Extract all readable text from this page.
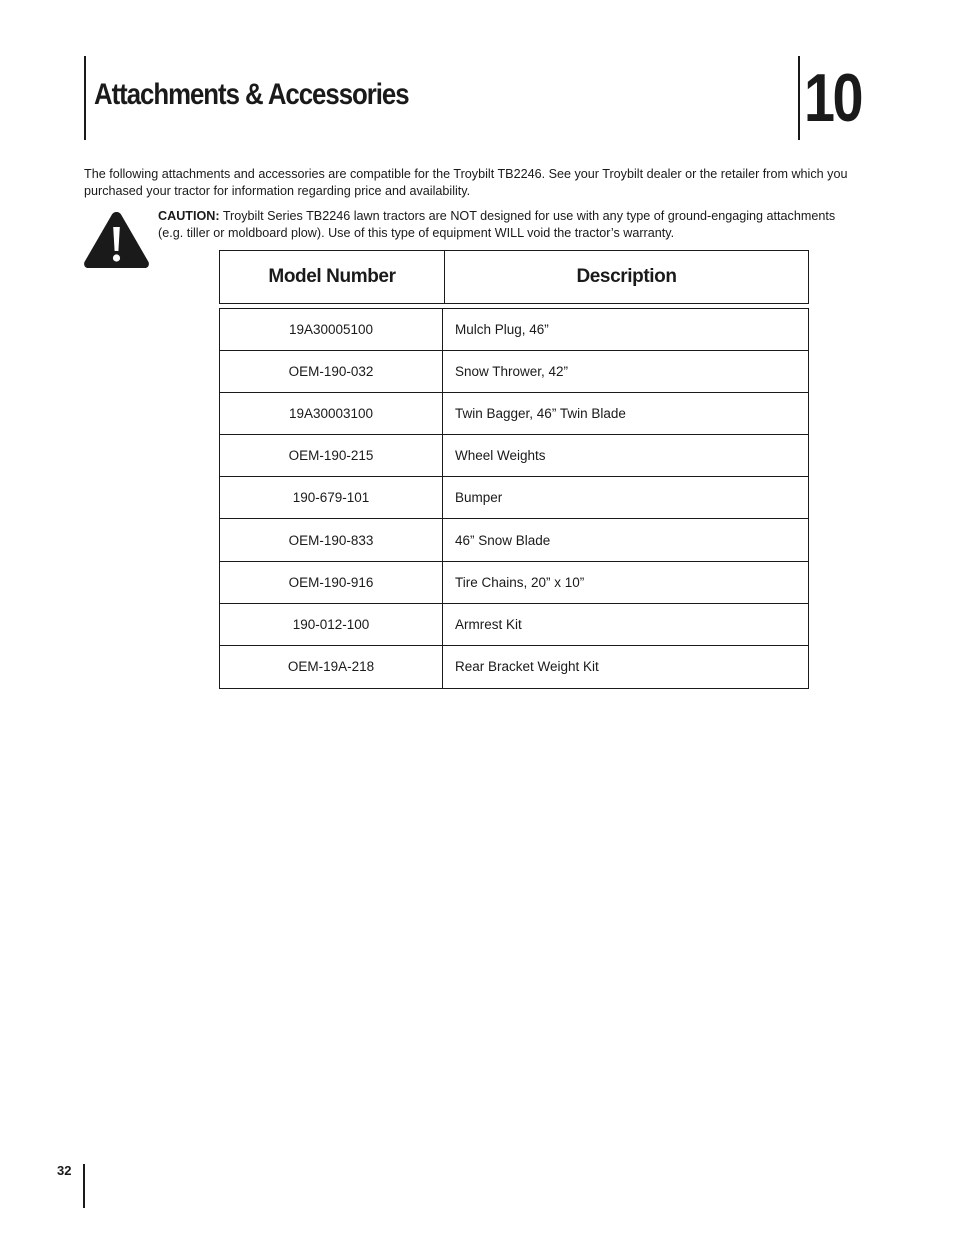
Attachments & Accessories	10

The following attachments and accessories are compatible for the Troybilt TB2246. See your Troybilt dealer or the retailer from which you purchased your tractor for information regarding price and availability.

CAUTION: Troybilt Series TB2246 lawn tractors are NOT designed for use with any type of ground-engaging attachments (e.g. tiller or moldboard plow). Use of this type of equipment WILL void the tractor’s warranty.

Model Number	Description
19A30005100	Mulch Plug, 46”
OEM-190-032	Snow Thrower, 42”
19A30003100	Twin Bagger, 46” Twin Blade
OEM-190-215	Wheel Weights
190-679-101	Bumper
OEM-190-833	46” Snow Blade
OEM-190-916	Tire Chains, 20” x 10”
190-012-100	Armrest Kit
OEM-19A-218	Rear Bracket Weight Kit
32
